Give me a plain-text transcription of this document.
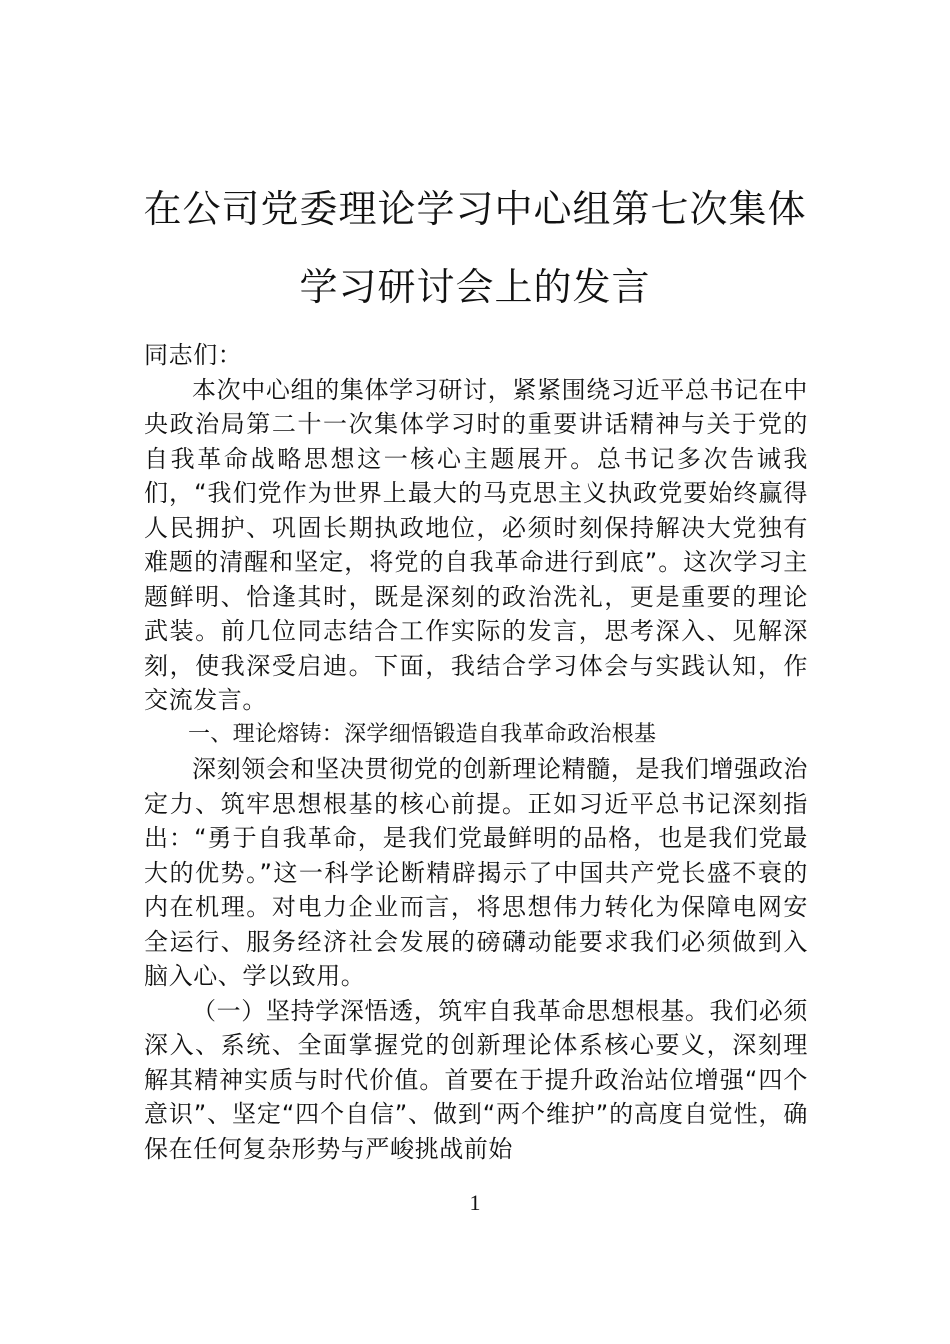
在公司党委理论学习中心组第七次集体学习研讨会上的发言

同志们：

本次中心组的集体学习研讨，紧紧围绕习近平总书记在中央政治局第二十一次集体学习时的重要讲话精神与关于党的自我革命战略思想这一核心主题展开。总书记多次告诫我们，“我们党作为世界上最大的马克思主义执政党要始终赢得人民拥护、巩固长期执政地位，必须时刻保持解决大党独有难题的清醒和坚定，将党的自我革命进行到底”。这次学习主题鲜明、恰逢其时，既是深刻的政治洗礼，更是重要的理论武装。前几位同志结合工作实际的发言，思考深入、见解深刻，使我深受启迪。下面，我结合学习体会与实践认知，作交流发言。

一、理论熔铸：深学细悟锻造自我革命政治根基

深刻领会和坚决贯彻党的创新理论精髓，是我们增强政治定力、筑牢思想根基的核心前提。正如习近平总书记深刻指出：“勇于自我革命，是我们党最鲜明的品格，也是我们党最大的优势。”这一科学论断精辟揭示了中国共产党长盛不衰的内在机理。对电力企业而言，将思想伟力转化为保障电网安全运行、服务经济社会发展的磅礴动能要求我们必须做到入脑入心、学以致用。

（一）坚持学深悟透，筑牢自我革命思想根基。我们必须深入、系统、全面掌握党的创新理论体系核心要义，深刻理解其精神实质与时代价值。首要在于提升政治站位增强“四个意识”、坚定“四个自信”、做到“两个维护”的高度自觉性，确保在任何复杂形势与严峻挑战前始

1
